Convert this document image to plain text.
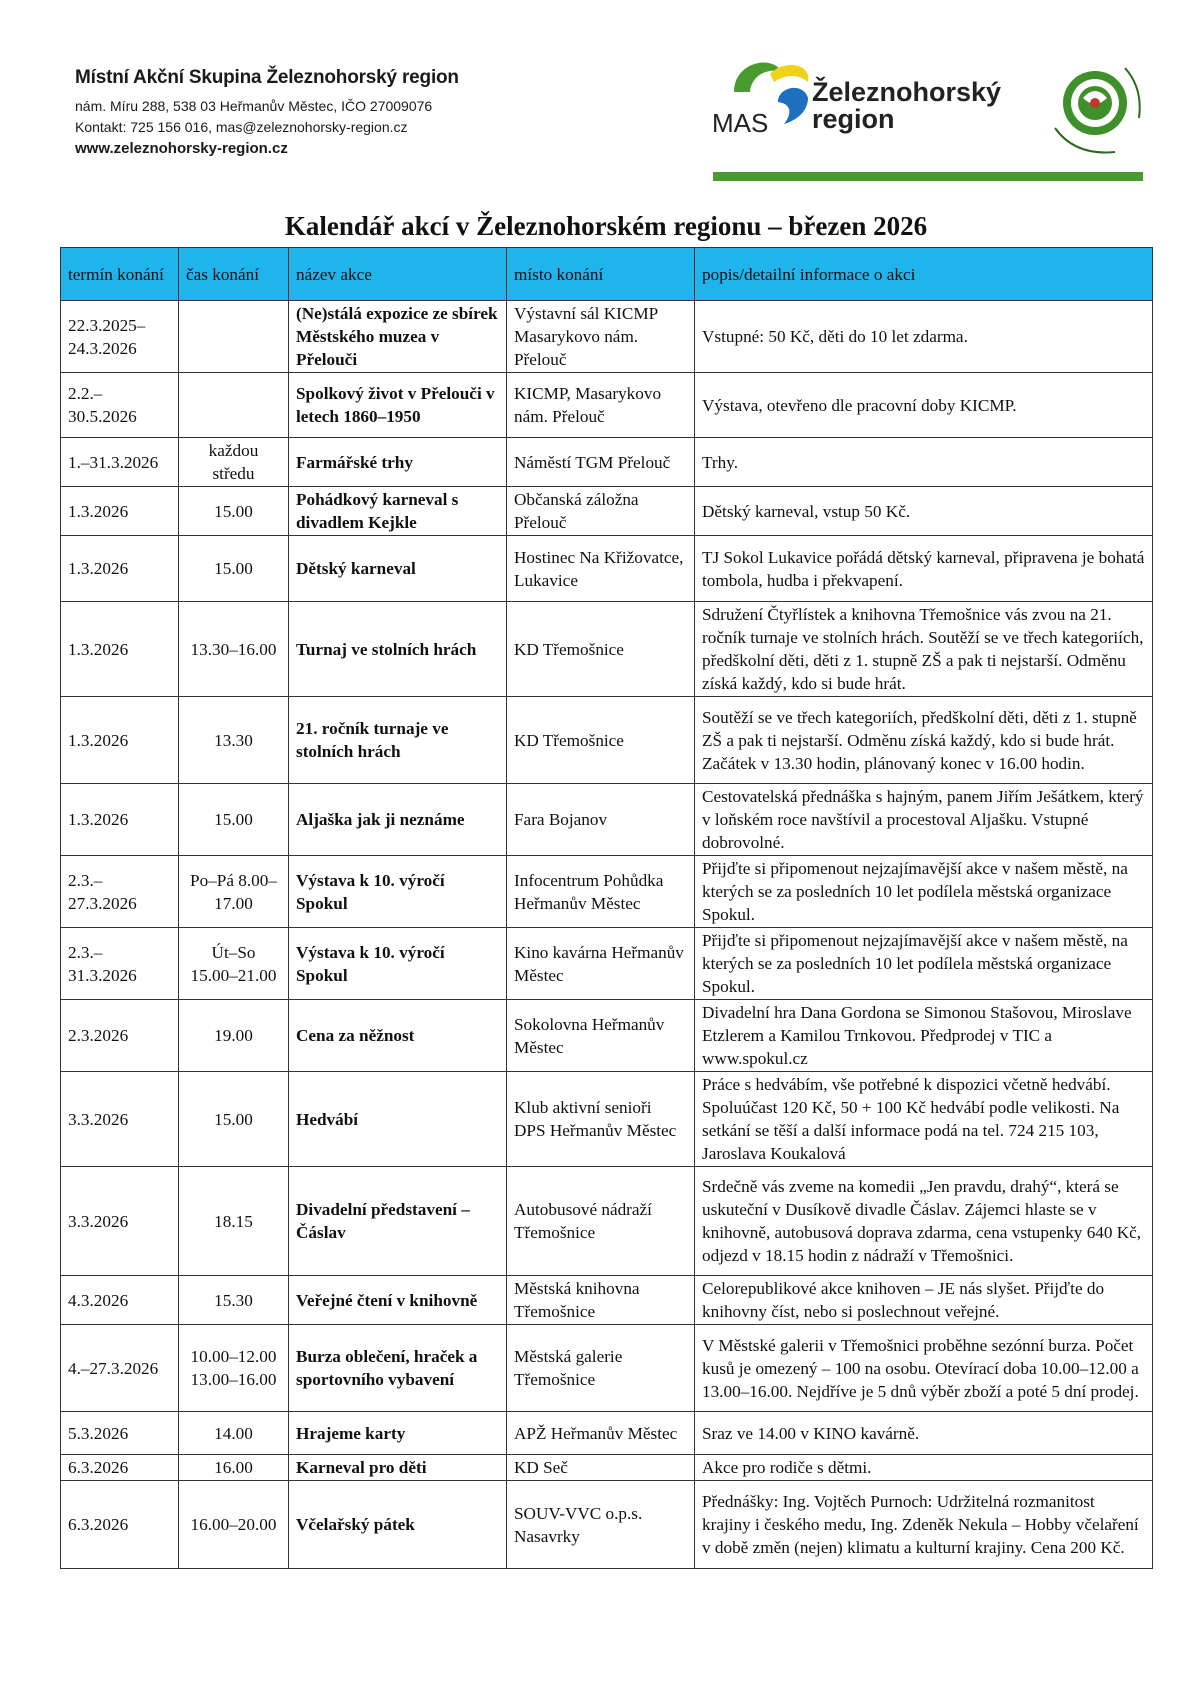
Místní Akční Skupina Železnohorský region
nám. Míru 288, 538 03 Heřmanův Městec, IČO 27009076
Kontakt: 725 156 016, mas@zeleznohorsky-region.cz
www.zeleznohorsky-region.cz
MAS
Železnohorský
region
Kalendář akcí v Železnohorském regionu – březen 2026
termín konání	čas konání	název akce	místo konání	popis/detailní informace o akci
22.3.2025–24.3.2026		(Ne)stálá expozice ze sbírek Městského muzea v Přelouči	Výstavní sál KICMP Masarykovo nám. Přelouč	Vstupné: 50 Kč, děti do 10 let zdarma.
2.2.–30.5.2026		Spolkový život v Přelouči v letech 1860–1950	KICMP, Masarykovo nám. Přelouč	Výstava, otevřeno dle pracovní doby KICMP.
1.–31.3.2026	každou středu	Farmářské trhy	Náměstí TGM Přelouč	Trhy.
1.3.2026	15.00	Pohádkový karneval s divadlem Kejkle	Občanská záložna Přelouč	Dětský karneval, vstup 50 Kč.
1.3.2026	15.00	Dětský karneval	Hostinec Na Křižovatce, Lukavice	TJ Sokol Lukavice pořádá dětský karneval, připravena je bohatá tombola, hudba i překvapení.
1.3.2026	13.30–16.00	Turnaj ve stolních hrách	KD Třemošnice	Sdružení Čtyřlístek a knihovna Třemošnice vás zvou na 21. ročník turnaje ve stolních hrách. Soutěží se ve třech kategoriích, předškolní děti, děti z 1. stupně ZŠ a pak ti nejstarší. Odměnu získá každý, kdo si bude hrát.
1.3.2026	13.30	21. ročník turnaje ve stolních hrách	KD Třemošnice	Soutěží se ve třech kategoriích, předškolní děti, děti z 1. stupně ZŠ a pak ti nejstarší. Odměnu získá každý, kdo si bude hrát. Začátek v 13.30 hodin, plánovaný konec v 16.00 hodin.
1.3.2026	15.00	Aljaška jak ji neznáme	Fara Bojanov	Cestovatelská přednáška s hajným, panem Jiřím Ješátkem, který v loňském roce navštívil a procestoval Aljašku. Vstupné dobrovolné.
2.3.–27.3.2026	Po–Pá 8.00–17.00	Výstava k 10. výročí Spokul	Infocentrum Pohůdka Heřmanův Městec	Přijďte si připomenout nejzajímavější akce v našem městě, na kterých se za posledních 10 let podílela městská organizace Spokul.
2.3.–31.3.2026	Út–So 15.00–21.00	Výstava k 10. výročí Spokul	Kino kavárna Heřmanův Městec	Přijďte si připomenout nejzajímavější akce v našem městě, na kterých se za posledních 10 let podílela městská organizace Spokul.
2.3.2026	19.00	Cena za něžnost	Sokolovna Heřmanův Městec	Divadelní hra Dana Gordona se Simonou Stašovou, Miroslave Etzlerem a Kamilou Trnkovou. Předprodej v TIC a www.spokul.cz
3.3.2026	15.00	Hedvábí	Klub aktivní senioři DPS Heřmanův Městec	Práce s hedvábím, vše potřebné k dispozici včetně hedvábí. Spoluúčast 120 Kč, 50 + 100 Kč hedvábí podle velikosti. Na setkání se těší a další informace podá na tel. 724 215 103, Jaroslava Koukalová
3.3.2026	18.15	Divadelní představení – Čáslav	Autobusové nádraží Třemošnice	Srdečně vás zveme na komedii „Jen pravdu, drahý“, která se uskuteční v Dusíkově divadle Čáslav. Zájemci hlaste se v knihovně, autobusová doprava zdarma, cena vstupenky 640 Kč, odjezd v 18.15 hodin z nádraží v Třemošnici.
4.3.2026	15.30	Veřejné čtení v knihovně	Městská knihovna Třemošnice	Celorepublikové akce knihoven – JE nás slyšet. Přijďte do knihovny číst, nebo si poslechnout veřejné.
4.–27.3.2026	10.00–12.00 13.00–16.00	Burza oblečení, hraček a sportovního vybavení	Městská galerie Třemošnice	V Městské galerii v Třemošnici proběhne sezónní burza. Počet kusů je omezený – 100 na osobu. Otevírací doba 10.00–12.00 a 13.00–16.00. Nejdříve je 5 dnů výběr zboží a poté 5 dní prodej.
5.3.2026	14.00	Hrajeme karty	APŽ Heřmanův Městec	Sraz ve 14.00 v KINO kavárně.
6.3.2026	16.00	Karneval pro děti	KD Seč	Akce pro rodiče s dětmi.
6.3.2026	16.00–20.00	Včelařský pátek	SOUV-VVC o.p.s. Nasavrky	Přednášky: Ing. Vojtěch Purnoch: Udržitelná rozmanitost krajiny i českého medu, Ing. Zdeněk Nekula – Hobby včelaření v době změn (nejen) klimatu a kulturní krajiny. Cena 200 Kč.
